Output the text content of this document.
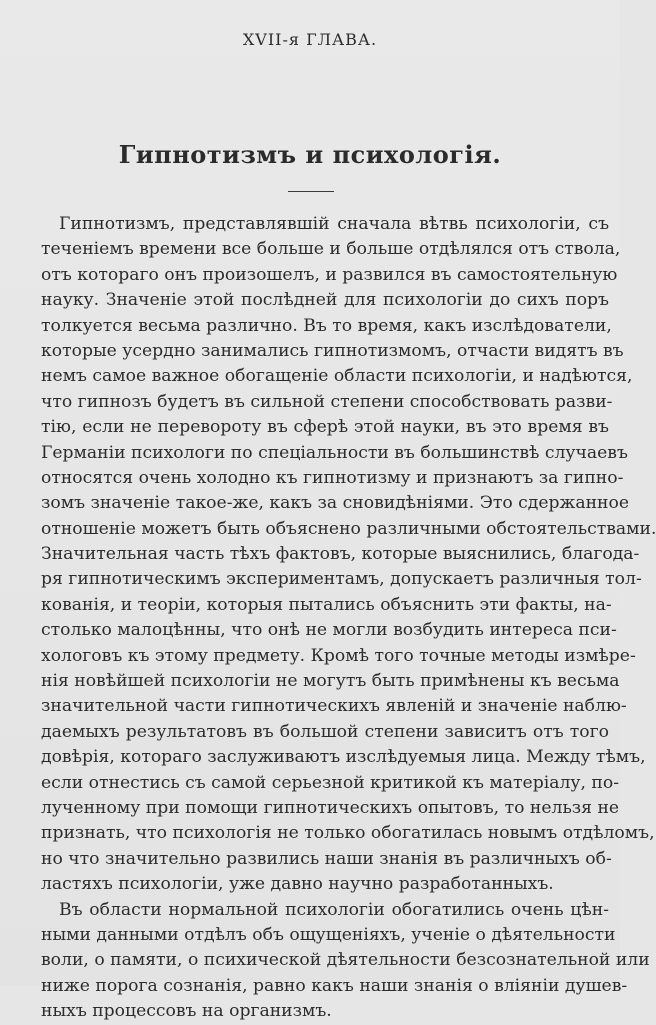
XVII-я ГЛАВА.
Гипнотизмъ и психологія.
Гипнотизмъ, представлявшій сначала вѣтвь психологіи, съ
теченіемъ времени все больше и больше отдѣлялся отъ ствола,
отъ котораго онъ произошелъ, и развился въ самостоятельную
науку. Значеніе этой послѣдней для психологіи до сихъ поръ
толкуется весьма различно. Въ то время, какъ изслѣдователи,
которые усердно занимались гипнотизмомъ, отчасти видятъ въ
немъ самое важное обогащеніе области психологіи, и надѣются,
что гипнозъ будетъ въ сильной степени способствовать разви-
тію, если не перевороту въ сферѣ этой науки, въ это время въ
Германіи психологи по спеціальности въ большинствѣ случаевъ
относятся очень холодно къ гипнотизму и признаютъ за гипно-
зомъ значеніе такое-же, какъ за сновидѣніями. Это сдержанное
отношеніе можетъ быть объяснено различными обстоятельствами.
Значительная часть тѣхъ фактовъ, которые выяснились, благода-
ря гипнотическимъ экспериментамъ, допускаетъ различныя тол-
кованія, и теоріи, которыя пытались объяснить эти факты, на-
столько малоцѣнны, что онѣ не могли возбудить интереса пси-
хологовъ къ этому предмету. Кромѣ того точные методы измѣре-
нія новѣйшей психологіи не могутъ быть примѣнены къ весьма
значительной части гипнотическихъ явленій и значеніе наблю-
даемыхъ результатовъ въ большой степени зависитъ отъ того
довѣрія, котораго заслуживаютъ изслѣдуемыя лица. Между тѣмъ,
если отнестись съ самой серьезной критикой къ матеріалу, по-
лученному при помощи гипнотическихъ опытовъ, то нельзя не
признать, что психологія не только обогатилась новымъ отдѣломъ,
но что значительно развились наши знанія въ различныхъ об-
ластяхъ психологіи, уже давно научно разработанныхъ.
Въ области нормальной психологіи обогатились очень цѣн-
ными данными отдѣлъ объ ощущеніяхъ, ученіе о дѣятельности
воли, о памяти, о психической дѣятельности безсознательной или
ниже порога сознанія, равно какъ наши знанія о вліяніи душев-
ныхъ процессовъ на организмъ.
